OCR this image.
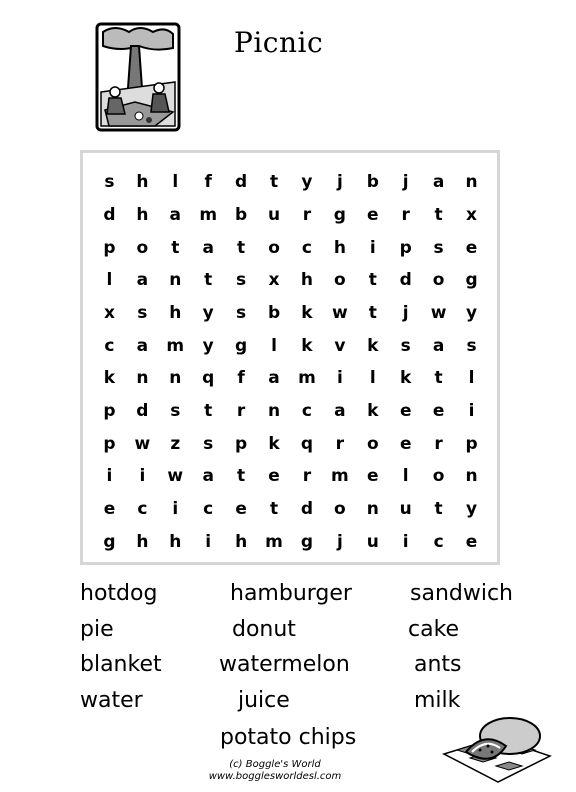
Picnic
s	h	l	f	d	t	y	j	b	j	a	n
d	h	a	m	b	u	r	g	e	r	t	x
p	o	t	a	t	o	c	h	i	p	s	e
l	a	n	t	s	x	h	o	t	d	o	g
x	s	h	y	s	b	k	w	t	j	w	y
c	a	m	y	g	l	k	v	k	s	a	s
k	n	n	q	f	a	m	i	l	k	t	l
p	d	s	t	r	n	c	a	k	e	e	i
p	w	z	s	p	k	q	r	o	e	r	p
i	i	w	a	t	e	r	m	e	l	o	n
e	c	i	c	e	t	d	o	n	u	t	y
g	h	h	i	h	m	g	j	u	i	c	e
hotdog	hamburger	sandwich
pie	donut	cake
blanket	watermelon	ants
water	juice	milk
potato chips
(c) Boggle's World
www.bogglesworldesl.com
